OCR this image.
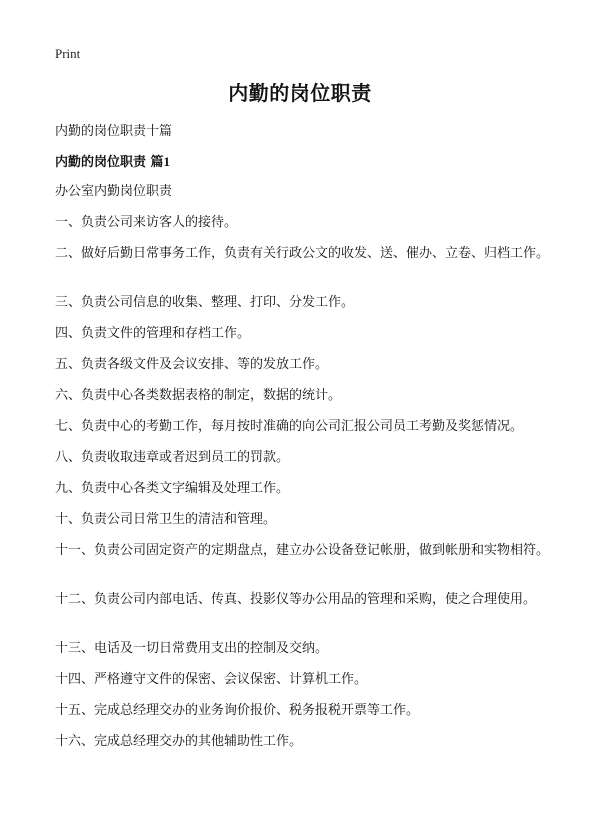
Print
内勤的岗位职责
内勤的岗位职责十篇
内勤的岗位职责 篇1
办公室内勤岗位职责
一、负责公司来访客人的接待。
二、做好后勤日常事务工作，负责有关行政公文的收发、送、催办、立卷、归档工作。
三、负责公司信息的收集、整理、打印、分发工作。
四、负责文件的管理和存档工作。
五、负责各级文件及会议安排、等的发放工作。
六、负责中心各类数据表格的制定，数据的统计。
七、负责中心的考勤工作，每月按时准确的向公司汇报公司员工考勤及奖惩情况。
八、负责收取违章或者迟到员工的罚款。
九、负责中心各类文字编辑及处理工作。
十、负责公司日常卫生的清洁和管理。
十一、负责公司固定资产的定期盘点，建立办公设备登记帐册，做到帐册和实物相符。
十二、负责公司内部电话、传真、投影仪等办公用品的管理和采购，使之合理使用。
十三、电话及一切日常费用支出的控制及交纳。
十四、严格遵守文件的保密、会议保密、计算机工作。
十五、完成总经理交办的业务询价报价、税务报税开票等工作。
十六、完成总经理交办的其他辅助性工作。
